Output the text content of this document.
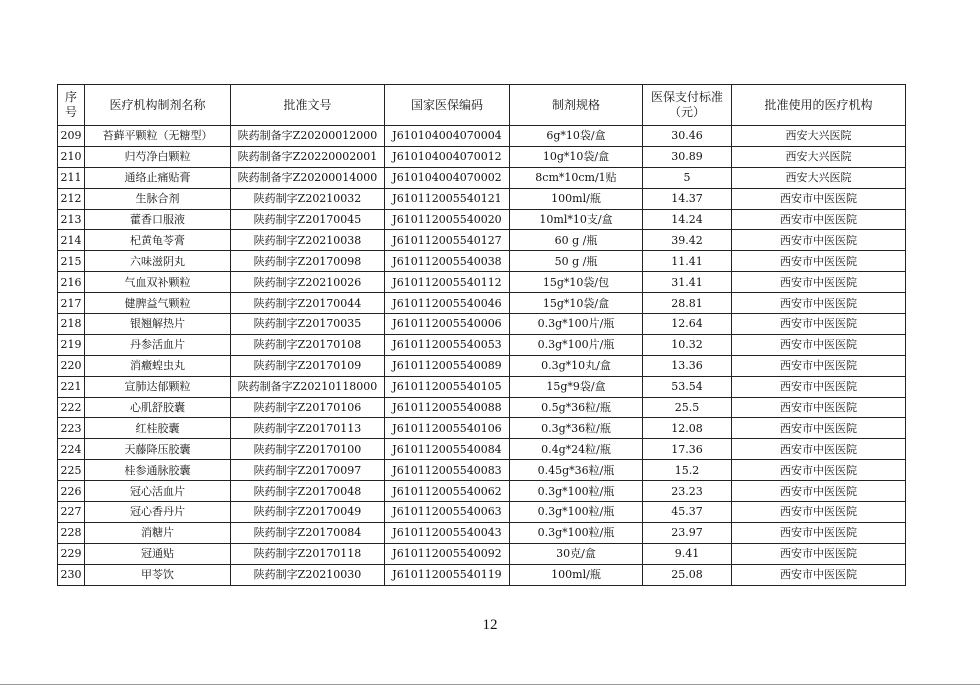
序号	医疗机构制剂名称	批准文号	国家医保编码	制剂规格	医保支付标准（元）	批准使用的医疗机构
209	苔藓平颗粒（无糖型）	陕药制备字Z20200012000	J610104004070004	6g*10袋/盒	30.46	西安大兴医院
210	归芍净白颗粒	陕药制备字Z20220002001	J610104004070012	10g*10袋/盒	30.89	西安大兴医院
211	通络止痛贴膏	陕药制备字Z20200014000	J610104004070002	8cm*10cm/1贴	5	西安大兴医院
212	生脉合剂	陕药制字Z20210032	J610112005540121	100ml/瓶	14.37	西安市中医医院
213	藿香口服液	陕药制字Z20170045	J610112005540020	10ml*10支/盒	14.24	西安市中医医院
214	杞黄龟苓膏	陕药制字Z20210038	J610112005540127	60 g /瓶	39.42	西安市中医医院
215	六味滋阴丸	陕药制字Z20170098	J610112005540038	50 g /瓶	11.41	西安市中医医院
216	气血双补颗粒	陕药制字Z20210026	J610112005540112	15g*10袋/包	31.41	西安市中医医院
217	健脾益气颗粒	陕药制字Z20170044	J610112005540046	15g*10袋/盒	28.81	西安市中医医院
218	银翘解热片	陕药制字Z20170035	J610112005540006	0.3g*100片/瓶	12.64	西安市中医医院
219	丹参活血片	陕药制字Z20170108	J610112005540053	0.3g*100片/瓶	10.32	西安市中医医院
220	消癥蝗虫丸	陕药制字Z20170109	J610112005540089	0.3g*10丸/盒	13.36	西安市中医医院
221	宣肺达郁颗粒	陕药制备字Z20210118000	J610112005540105	15g*9袋/盒	53.54	西安市中医医院
222	心肌舒胶囊	陕药制字Z20170106	J610112005540088	0.5g*36粒/瓶	25.5	西安市中医医院
223	红桂胶囊	陕药制字Z20170113	J610112005540106	0.3g*36粒/瓶	12.08	西安市中医医院
224	天藤降压胶囊	陕药制字Z20170100	J610112005540084	0.4g*24粒/瓶	17.36	西安市中医医院
225	桂参通脉胶囊	陕药制字Z20170097	J610112005540083	0.45g*36粒/瓶	15.2	西安市中医医院
226	冠心活血片	陕药制字Z20170048	J610112005540062	0.3g*100粒/瓶	23.23	西安市中医医院
227	冠心香丹片	陕药制字Z20170049	J610112005540063	0.3g*100粒/瓶	45.37	西安市中医医院
228	消糖片	陕药制字Z20170084	J610112005540043	0.3g*100粒/瓶	23.97	西安市中医医院
229	冠通贴	陕药制字Z20170118	J610112005540092	30克/盒	9.41	西安市中医医院
230	甲苓饮	陕药制字Z20210030	J610112005540119	100ml/瓶	25.08	西安市中医医院
12
